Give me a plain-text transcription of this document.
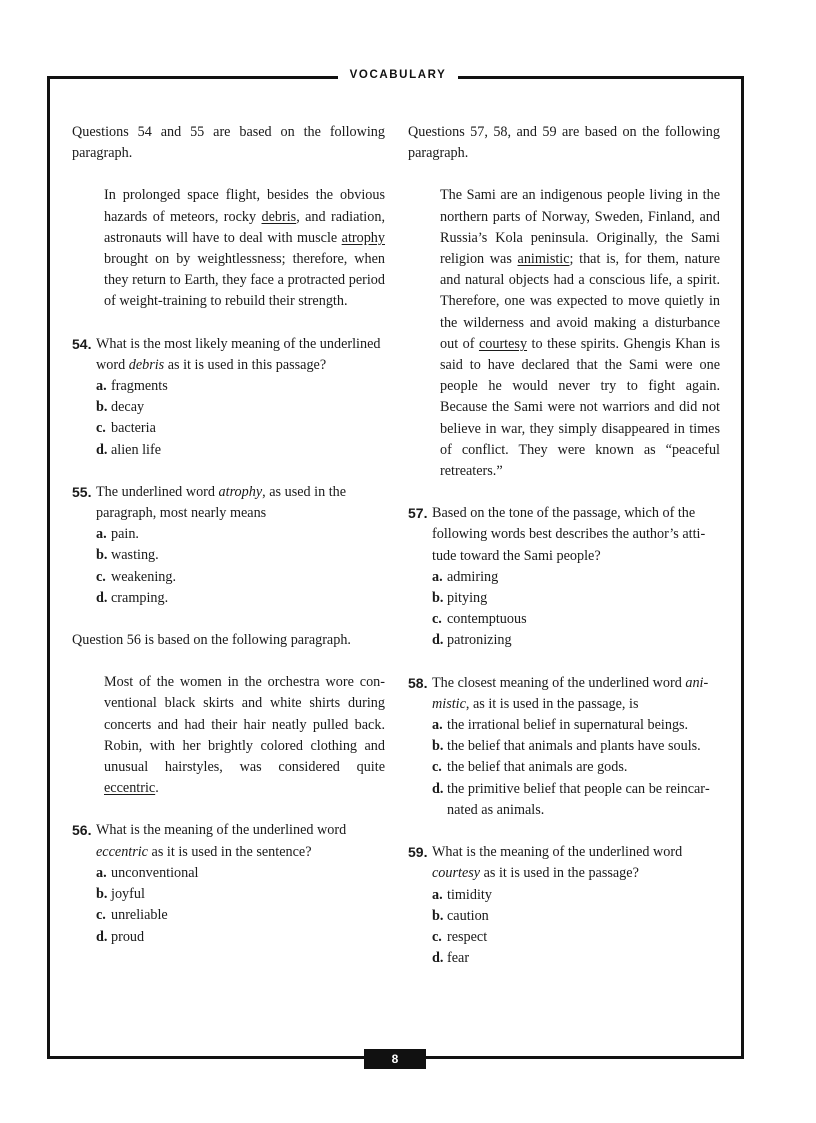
VOCABULARY
8

Questions 54 and 55 are based on the following paragraph.

In prolonged space flight, besides the obvious hazards of meteors, rocky debris, and radiation, astronauts will have to deal with muscle atrophy brought on by weightlessness; therefore, when they return to Earth, they face a protracted period of weight-training to rebuild their strength.

54. What is the most likely meaning of the underlined word debris as it is used in this passage?
a. fragments
b. decay
c. bacteria
d. alien life
55. The underlined word atrophy, as used in the paragraph, most nearly means
a. pain.
b. wasting.
c. weakening.
d. cramping.

Question 56 is based on the following paragraph.

Most of the women in the orchestra wore conventional black skirts and white shirts during concerts and had their hair neatly pulled back. Robin, with her brightly colored clothing and unusual hairstyles, was considered quite eccentric.

56. What is the meaning of the underlined word eccentric as it is used in the sentence?
a. unconventional
b. joyful
c. unreliable
d. proud

Questions 57, 58, and 59 are based on the following paragraph.

The Sami are an indigenous people living in the northern parts of Norway, Sweden, Finland, and Russia’s Kola peninsula. Originally, the Sami religion was animistic; that is, for them, nature and natural objects had a conscious life, a spirit. Therefore, one was expected to move quietly in the wilderness and avoid making a disturbance out of courtesy to these spirits. Ghengis Khan is said to have declared that the Sami were one people he would never try to fight again. Because the Sami were not warriors and did not believe in war, they simply disappeared in times of conflict. They were known as “peaceful retreaters.”

57. Based on the tone of the passage, which of the following words best describes the author’s attitude toward the Sami people?
a. admiring
b. pitying
c. contemptuous
d. patronizing
58. The closest meaning of the underlined word animistic, as it is used in the passage, is
a. the irrational belief in supernatural beings.
b. the belief that animals and plants have souls.
c. the belief that animals are gods.
d. the primitive belief that people can be reincarnated as animals.
59. What is the meaning of the underlined word courtesy as it is used in the passage?
a. timidity
b. caution
c. respect
d. fear
